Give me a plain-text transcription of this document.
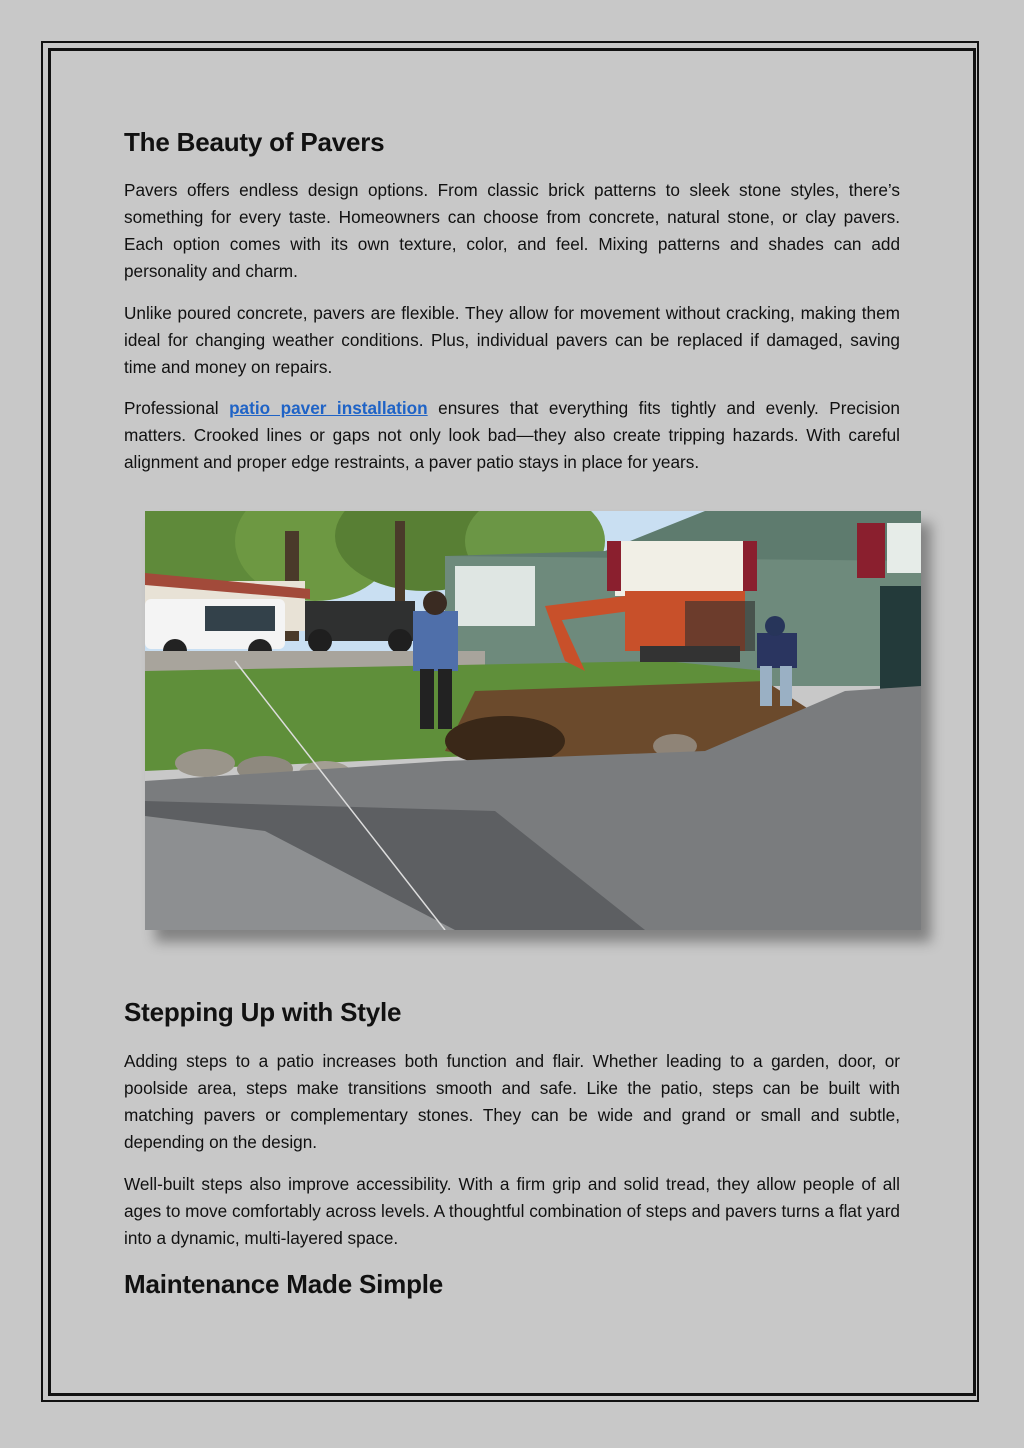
The Beauty of Pavers

Pavers offers endless design options. From classic brick patterns to sleek stone styles, there’s something for every taste. Homeowners can choose from concrete, natural stone, or clay pavers. Each option comes with its own texture, color, and feel. Mixing patterns and shades can add personality and charm.

Unlike poured concrete, pavers are flexible. They allow for movement without cracking, making them ideal for changing weather conditions. Plus, individual pavers can be replaced if damaged, saving time and money on repairs.

Professional patio paver installation ensures that everything fits tightly and evenly. Precision matters. Crooked lines or gaps not only look bad—they also create tripping hazards. With careful alignment and proper edge restraints, a paver patio stays in place for years.

Stepping Up with Style

Adding steps to a patio increases both function and flair. Whether leading to a garden, door, or poolside area, steps make transitions smooth and safe. Like the patio, steps can be built with matching pavers or complementary stones. They can be wide and grand or small and subtle, depending on the design.

Well-built steps also improve accessibility. With a firm grip and solid tread, they allow people of all ages to move comfortably across levels. A thoughtful combination of steps and pavers turns a flat yard into a dynamic, multi-layered space.

Maintenance Made Simple
